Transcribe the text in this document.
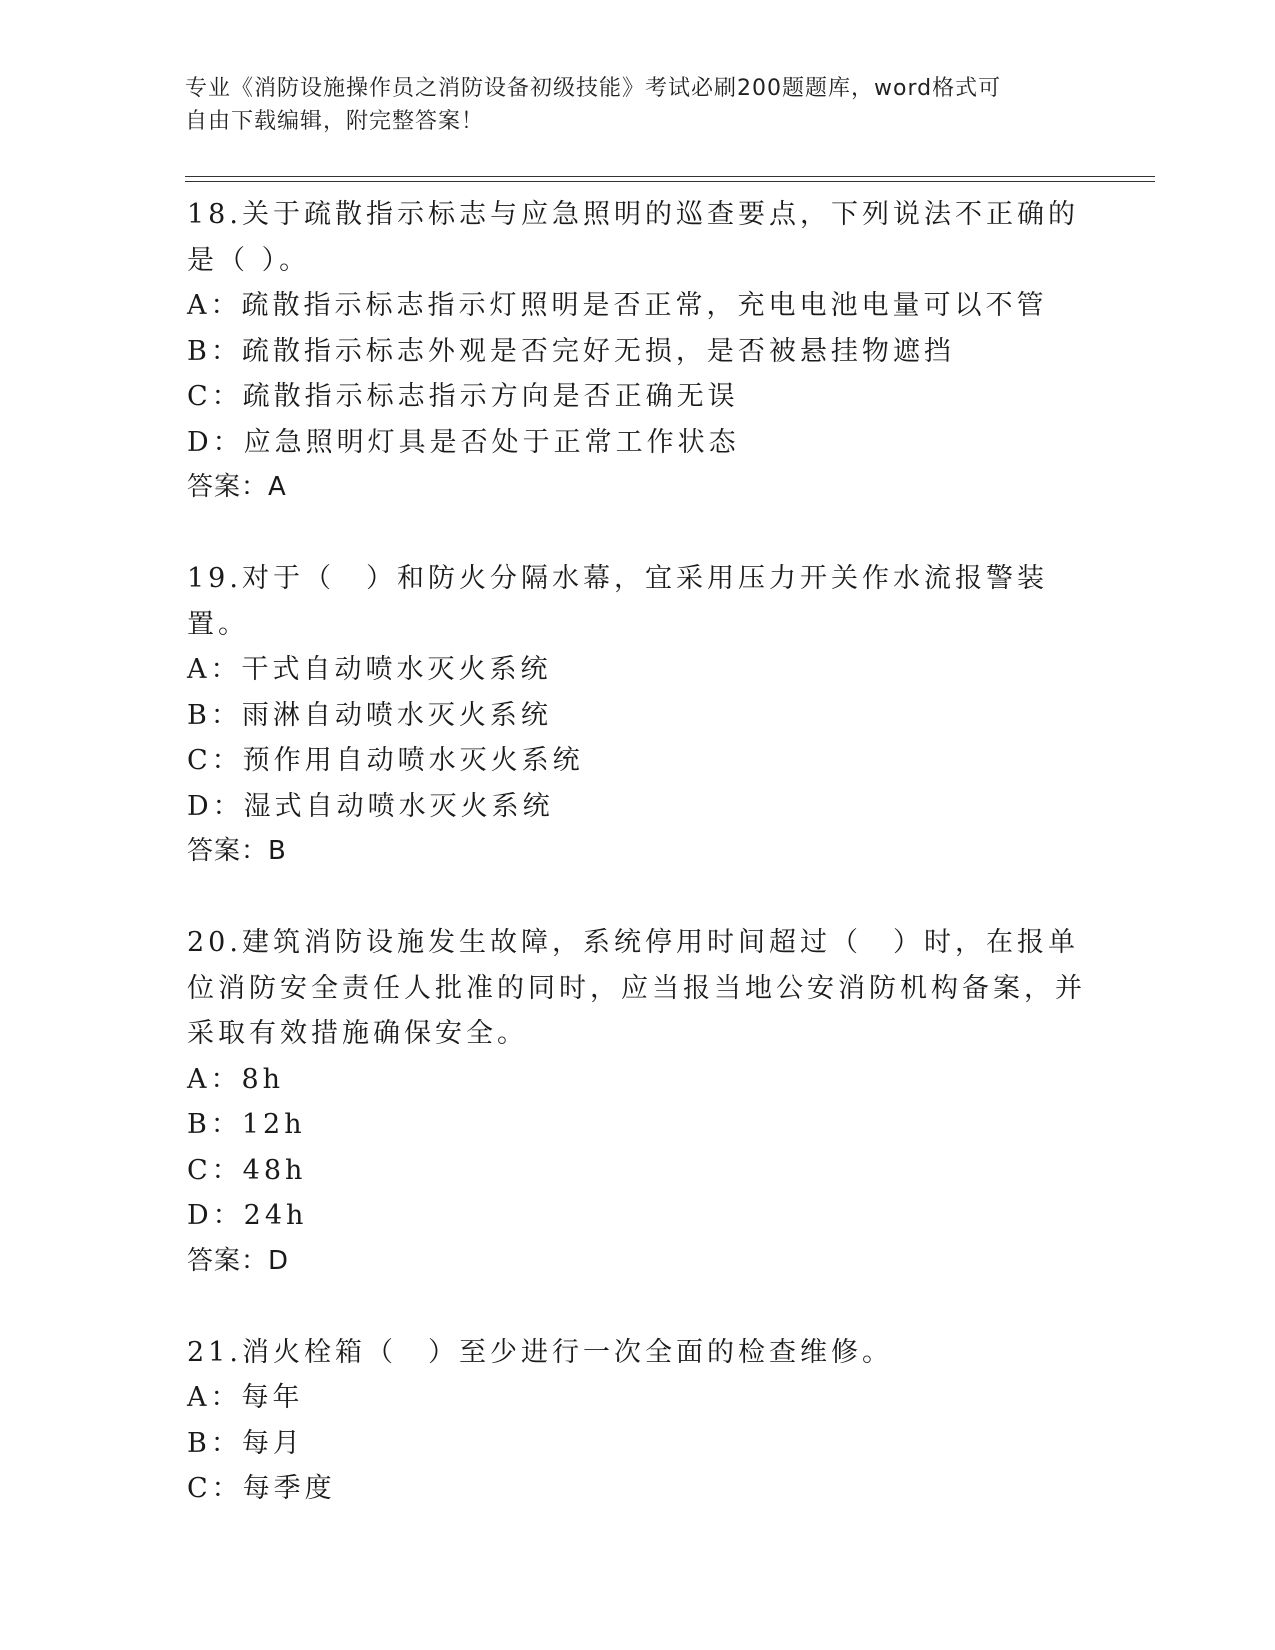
专业《消防设施操作员之消防设备初级技能》考试必刷200题题库，word格式可
自由下载编辑，附完整答案！

18.关于疏散指示标志与应急照明的巡查要点，下列说法不正确的是（ ）。

A：疏散指示标志指示灯照明是否正常，充电电池电量可以不管

B：疏散指示标志外观是否完好无损，是否被悬挂物遮挡

C：疏散指示标志指示方向是否正确无误

D：应急照明灯具是否处于正常工作状态

答案：A

19.对于（　）和防火分隔水幕，宜采用压力开关作水流报警装置。

A：干式自动喷水灭火系统

B：雨淋自动喷水灭火系统

C：预作用自动喷水灭火系统

D：湿式自动喷水灭火系统

答案：B

20.建筑消防设施发生故障，系统停用时间超过（　）时，在报单位消防安全责任人批准的同时，应当报当地公安消防机构备案，并采取有效措施确保安全。

A：8h

B：12h

C：48h

D：24h

答案：D

21.消火栓箱（　）至少进行一次全面的检查维修。

A：每年

B：每月

C：每季度
